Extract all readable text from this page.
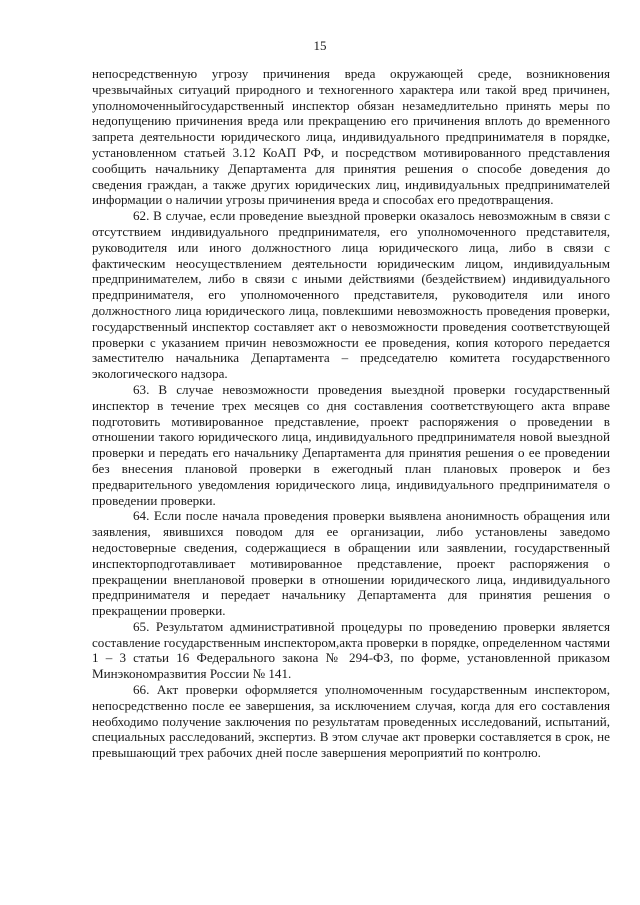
15

непосредственную угрозу причинения вреда окружающей среде, возникновения чрезвычайных ситуаций природного и техногенного характера или такой вред причинен, уполномоченныйгосударственный инспектор обязан незамедлительно принять меры по недопущению причинения вреда или прекращению его причинения вплоть до временного запрета деятельности юридического лица, индивидуального предпринимателя в порядке, установленном статьей 3.12 КоАП РФ, и посредством мотивированного представления сообщить начальнику Департамента для принятия решения о способе доведения до сведения граждан, а также других юридических лиц, индивидуальных предпринимателей информации о наличии угрозы причинения вреда и способах его предотвращения.

62. В случае, если проведение выездной проверки оказалось невозможным в связи с отсутствием индивидуального предпринимателя, его уполномоченного представителя, руководителя или иного должностного лица юридического лица, либо в связи с фактическим неосуществлением деятельности юридическим лицом, индивидуальным предпринимателем, либо в связи с иными действиями (бездействием) индивидуального предпринимателя, его уполномоченного представителя, руководителя или иного должностного лица юридического лица, повлекшими невозможность проведения проверки, государственный инспектор составляет акт о невозможности проведения соответствующей проверки с указанием причин невозможности ее проведения, копия которого передается заместителю начальника Департамента – председателю комитета государственного экологического надзора.

63. В случае невозможности проведения выездной проверки государственный инспектор в течение трех месяцев со дня составления соответствующего акта вправе подготовить мотивированное представление, проект распоряжения о проведении в отношении такого юридического лица, индивидуального предпринимателя новой выездной проверки и передать его начальнику Департамента для принятия решения о ее проведении без внесения плановой проверки в ежегодный план плановых проверок и без предварительного уведомления юридического лица, индивидуального предпринимателя о проведении проверки.

64. Если после начала проведения проверки выявлена анонимность обращения или заявления, явившихся поводом для ее организации, либо установлены заведомо недостоверные сведения, содержащиеся в обращении или заявлении, государственный инспекторподготавливает мотивированное представление, проект распоряжения о прекращении внеплановой проверки в отношении юридического лица, индивидуального предпринимателя и передает начальнику Департамента для принятия решения о прекращении проверки.

65. Результатом административной процедуры по проведению проверки является составление государственным инспектором,акта проверки в порядке, определенном частями 1 – 3 статьи 16 Федерального закона № 294-ФЗ, по форме, установленной приказом Минэкономразвития России № 141.

66. Акт проверки оформляется уполномоченным государственным инспектором, непосредственно после ее завершения, за исключением случая, когда для его составления необходимо получение заключения по результатам проведенных исследований, испытаний, специальных расследований, экспертиз. В этом случае акт проверки составляется в срок, не превышающий трех рабочих дней после завершения мероприятий по контролю.
